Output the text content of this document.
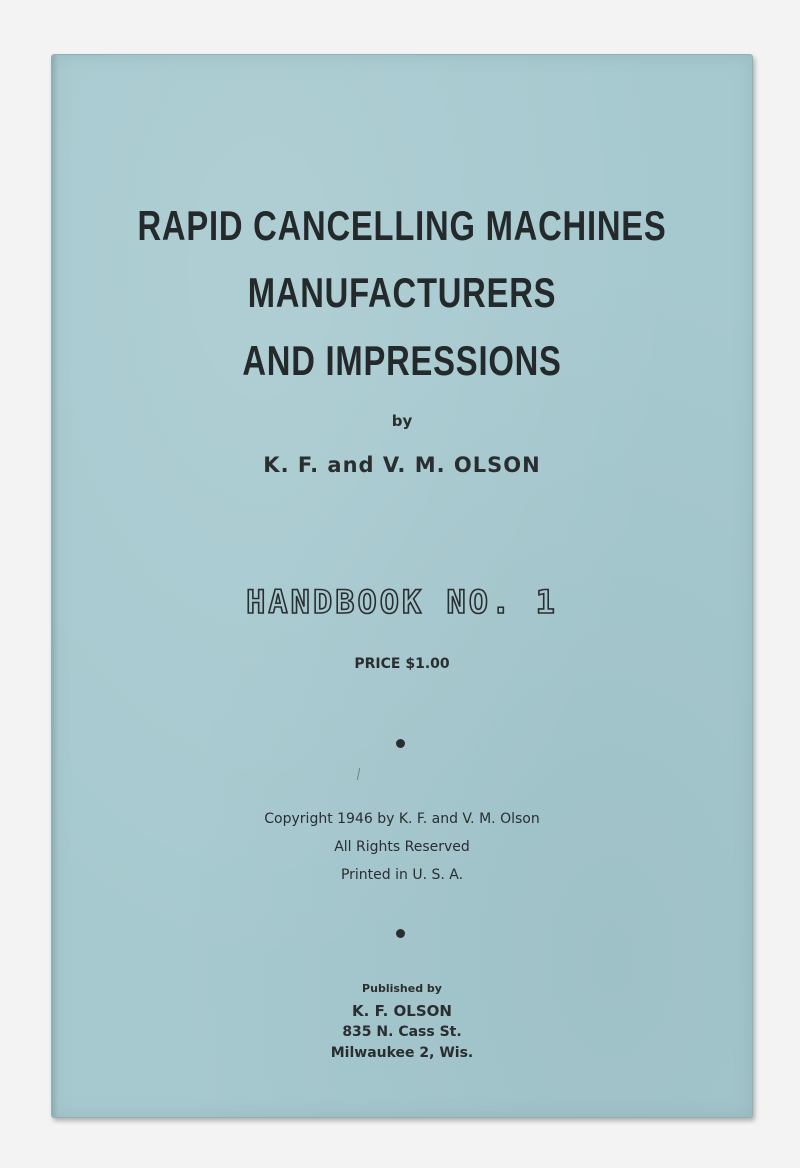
RAPID CANCELLING MACHINES
MANUFACTURERS
AND IMPRESSIONS
by
K. F. and V. M. OLSON
HANDBOOK NO. 1
PRICE $1.00
Copyright 1946 by K. F. and V. M. Olson
All Rights Reserved
Printed in U. S. A.
Published by
K. F. OLSON
835 N. Cass St.
Milwaukee 2, Wis.
